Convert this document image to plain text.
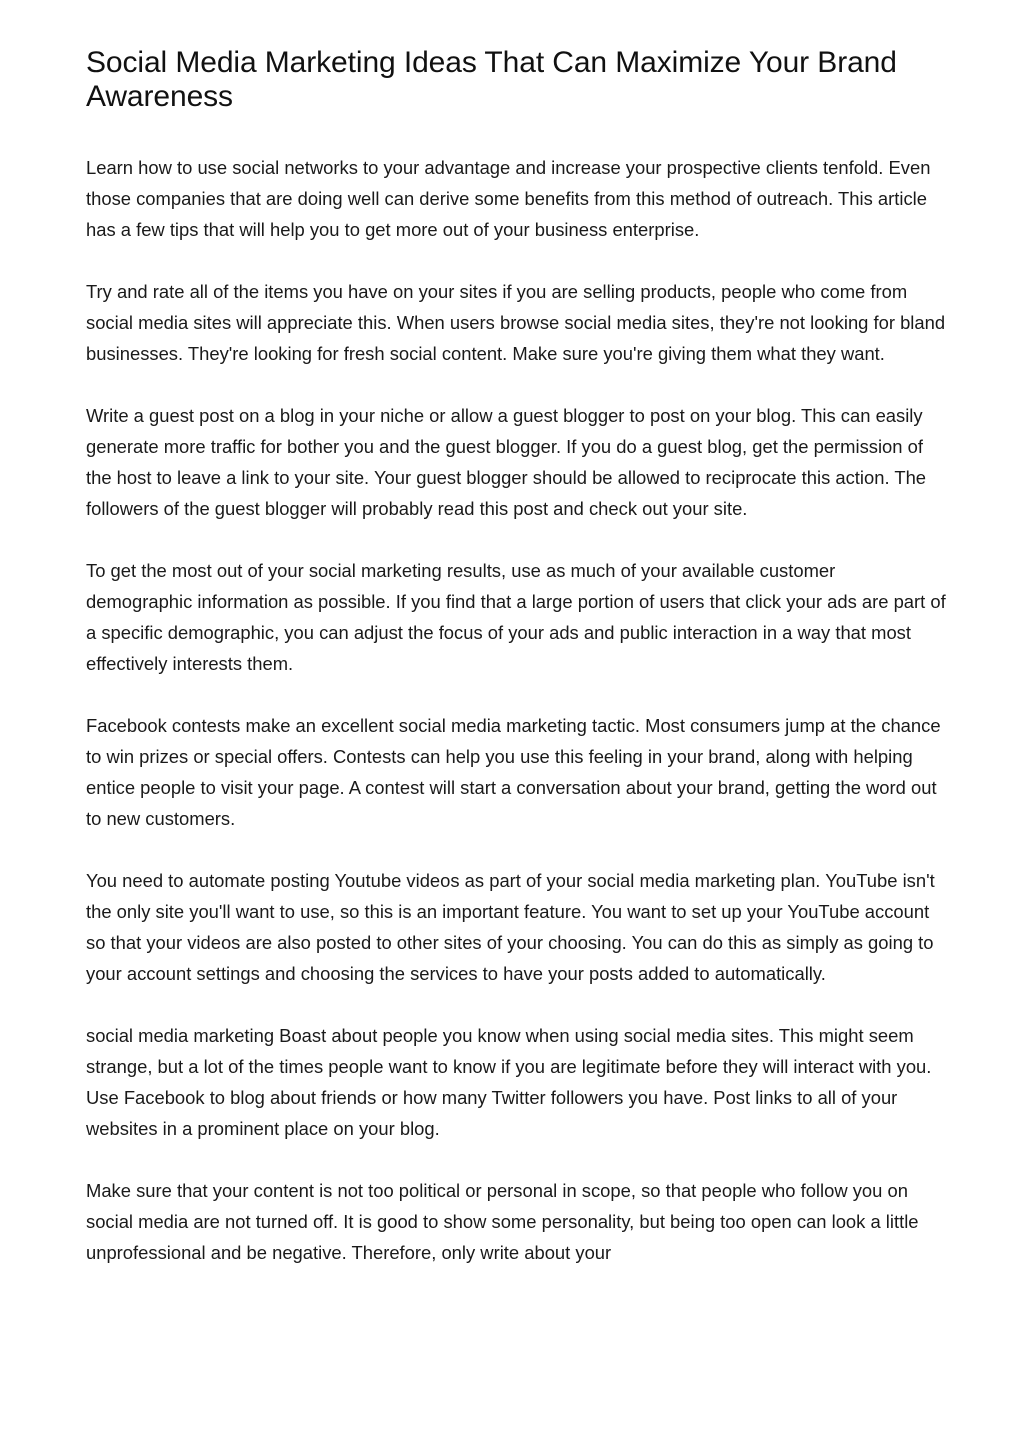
Social Media Marketing Ideas That Can Maximize Your Brand Awareness

Learn how to use social networks to your advantage and increase your prospective clients tenfold. Even those companies that are doing well can derive some benefits from this method of outreach. This article has a few tips that will help you to get more out of your business enterprise.

Try and rate all of the items you have on your sites if you are selling products, people who come from social media sites will appreciate this. When users browse social media sites, they're not looking for bland businesses. They're looking for fresh social content. Make sure you're giving them what they want.

Write a guest post on a blog in your niche or allow a guest blogger to post on your blog. This can easily generate more traffic for bother you and the guest blogger. If you do a guest blog, get the permission of the host to leave a link to your site. Your guest blogger should be allowed to reciprocate this action. The followers of the guest blogger will probably read this post and check out your site.

To get the most out of your social marketing results, use as much of your available customer demographic information as possible. If you find that a large portion of users that click your ads are part of a specific demographic, you can adjust the focus of your ads and public interaction in a way that most effectively interests them.

Facebook contests make an excellent social media marketing tactic. Most consumers jump at the chance to win prizes or special offers. Contests can help you use this feeling in your brand, along with helping entice people to visit your page. A contest will start a conversation about your brand, getting the word out to new customers.

You need to automate posting Youtube videos as part of your social media marketing plan. YouTube isn't the only site you'll want to use, so this is an important feature. You want to set up your YouTube account so that your videos are also posted to other sites of your choosing. You can do this as simply as going to your account settings and choosing the services to have your posts added to automatically.

social media marketing Boast about people you know when using social media sites. This might seem strange, but a lot of the times people want to know if you are legitimate before they will interact with you. Use Facebook to blog about friends or how many Twitter followers you have. Post links to all of your websites in a prominent place on your blog.

Make sure that your content is not too political or personal in scope, so that people who follow you on social media are not turned off. It is good to show some personality, but being too open can look a little unprofessional and be negative. Therefore, only write about your
